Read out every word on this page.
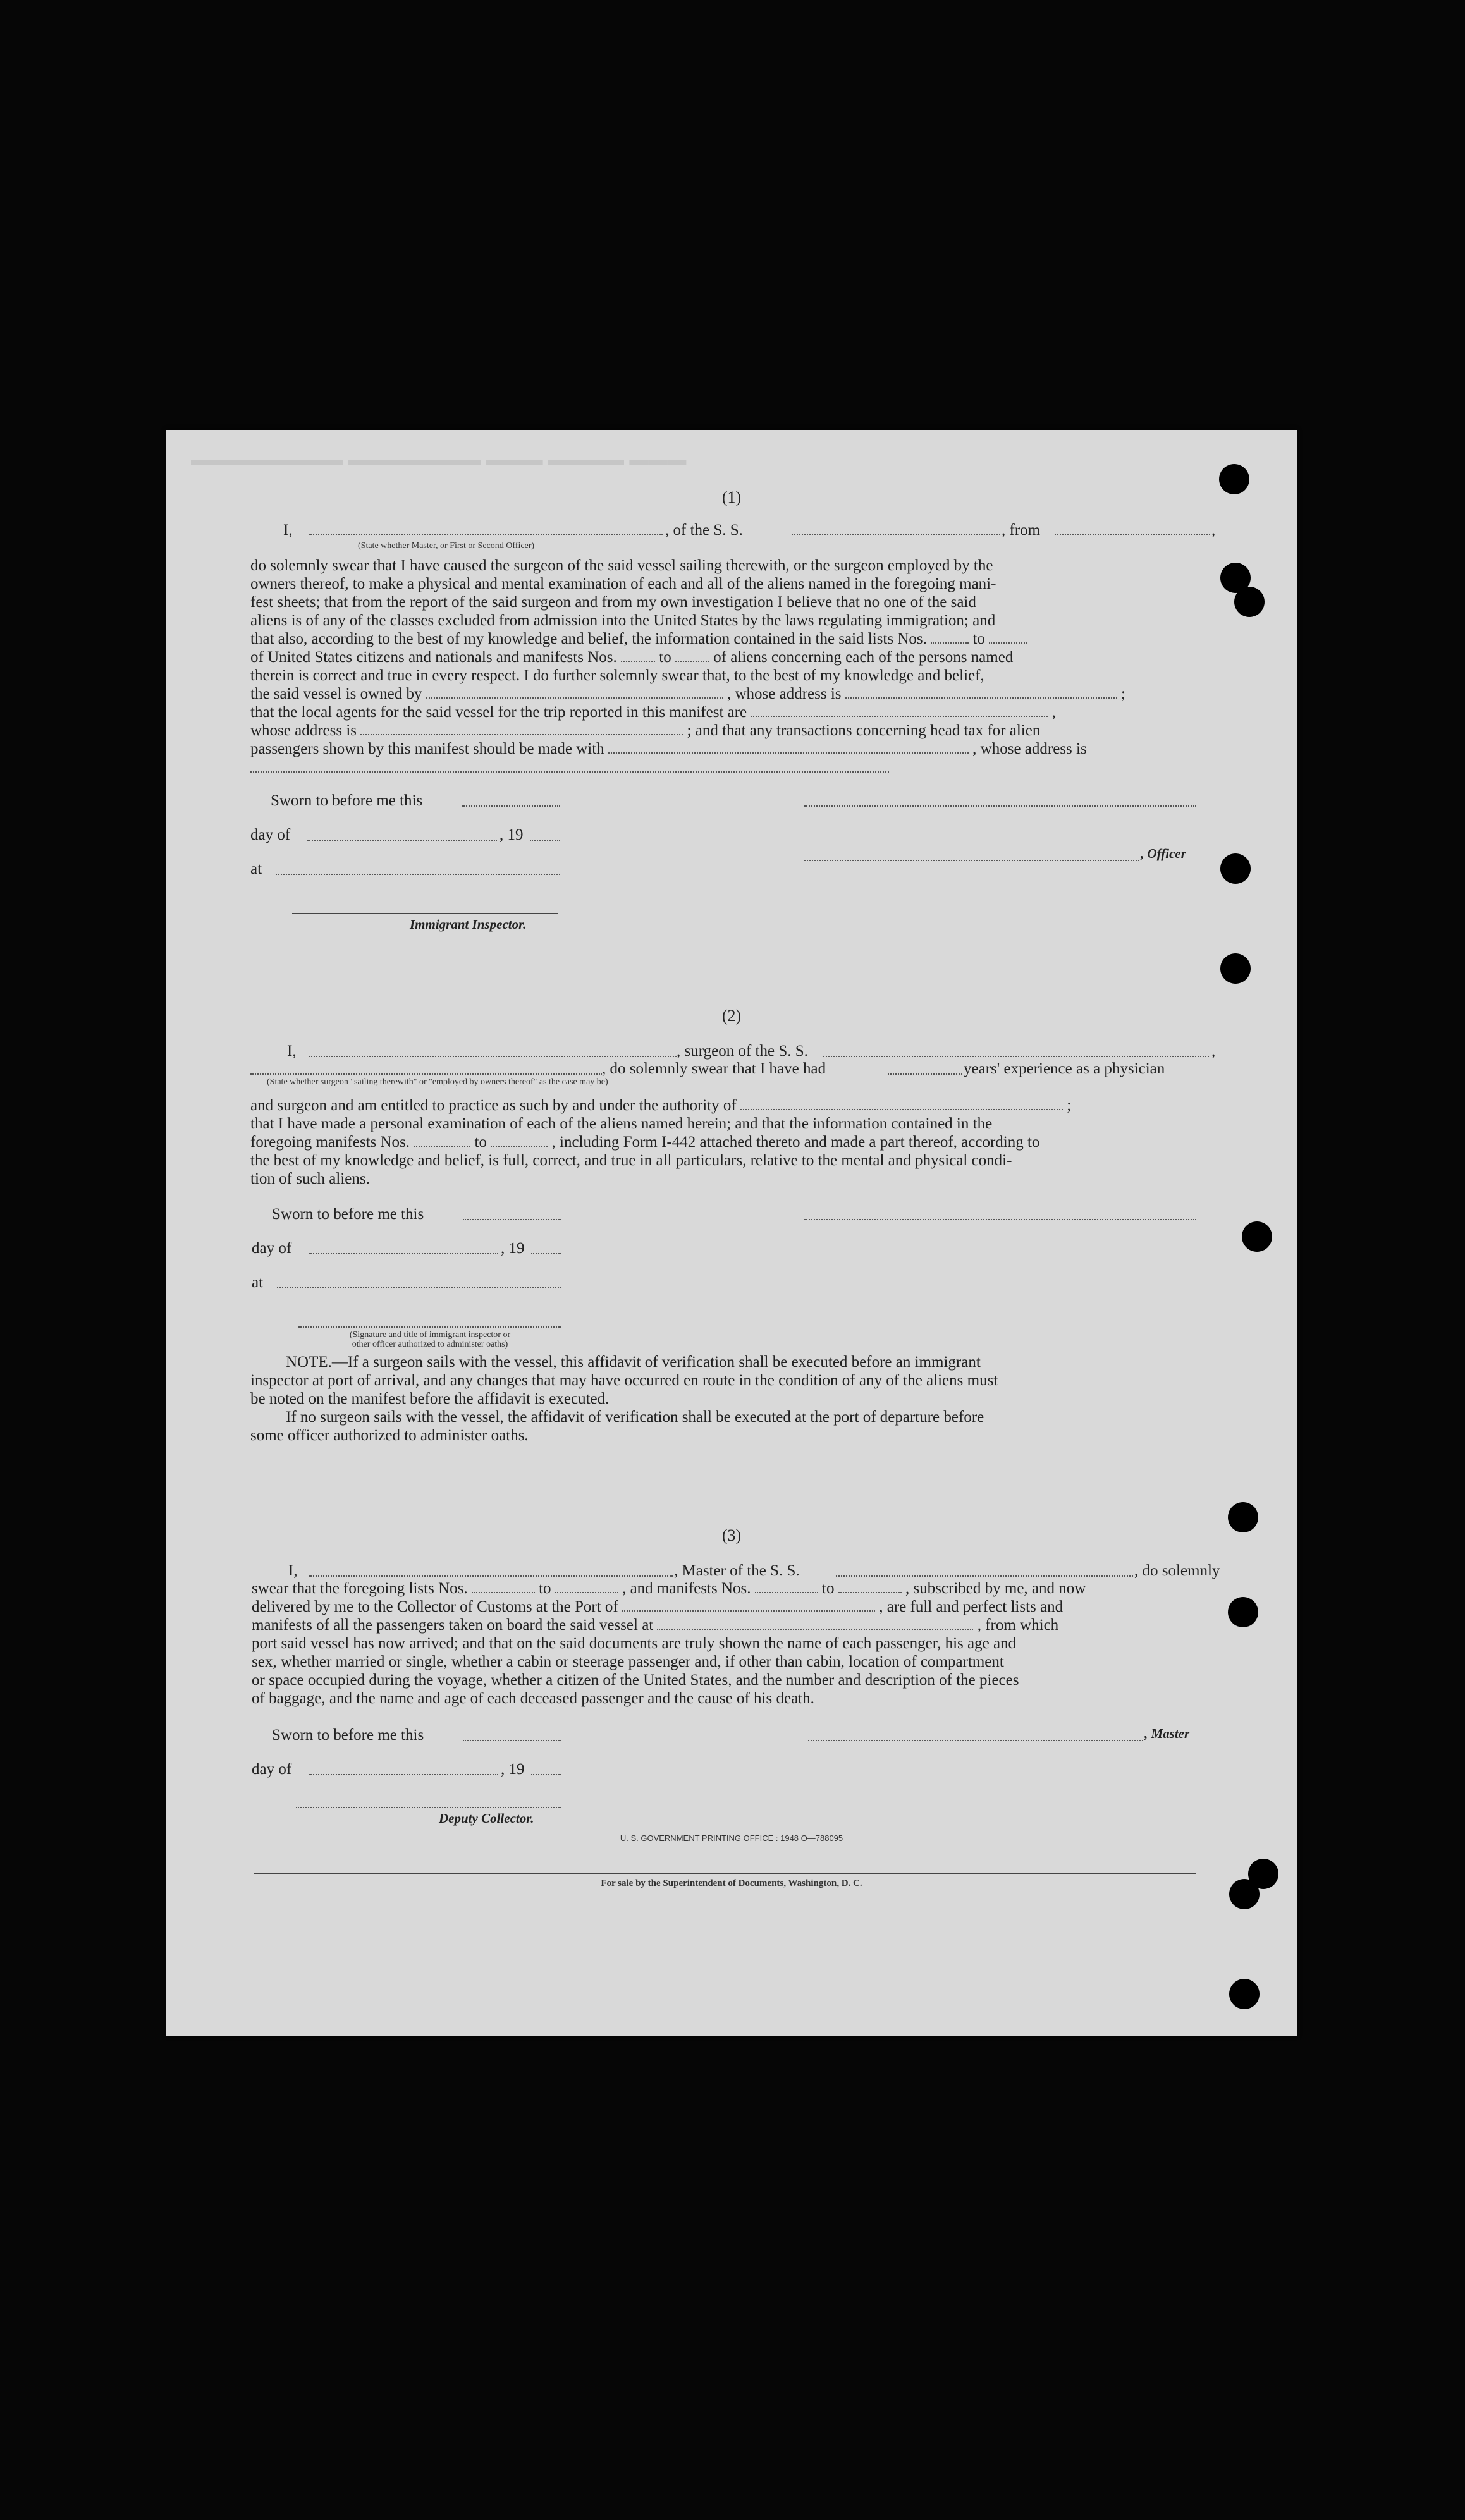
▬▬▬ ▬▬▬▬ ▬▬▬ ▬▬▬▬▬▬▬ ▬▬▬▬▬▬▬▬
(1)
I,	, of the S. S.	, from	,
(State whether Master, or First or Second Officer)
do solemnly swear that I have caused the surgeon of the said vessel sailing therewith, or the surgeon employed by the
owners thereof, to make a physical and mental examination of each and all of the aliens named in the foregoing mani-
fest sheets; that from the report of the said surgeon and from my own investigation I believe that no one of the said
aliens is of any of the classes excluded from admission into the United States by the laws regulating immigration; and
that also, according to the best of my knowledge and belief, the information contained in the said lists Nos.	to
of United States citizens and nationals and manifests Nos.	to	of aliens concerning each of the persons named
therein is correct and true in every respect. I do further solemnly swear that, to the best of my knowledge and belief,
the said vessel is owned by	, whose address is	;
that the local agents for the said vessel for the trip reported in this manifest are	,
whose address is	; and that any transactions concerning head tax for alien
passengers shown by this manifest should be made with	, whose address is
Sworn to before me this
day of	, 19
at
Immigrant Inspector.
, Officer
(2)
I,	, surgeon of the S. S.	,
, do solemnly swear that I have had	years' experience as a physician
(State whether surgeon "sailing therewith" or "employed by owners thereof" as the case may be)
and surgeon and am entitled to practice as such by and under the authority of	;
that I have made a personal examination of each of the aliens named herein; and that the information contained in the
foregoing manifests Nos.	to	, including Form I-442 attached thereto and made a part thereof, according to
the best of my knowledge and belief, is full, correct, and true in all particulars, relative to the mental and physical condi-
tion of such aliens.
Sworn to before me this
day of	, 19
at
(Signature and title of immigrant inspector or
other officer authorized to administer oaths)
NOTE.—If a surgeon sails with the vessel, this affidavit of verification shall be executed before an immigrant
inspector at port of arrival, and any changes that may have occurred en route in the condition of any of the aliens must
be noted on the manifest before the affidavit is executed.
If no surgeon sails with the vessel, the affidavit of verification shall be executed at the port of departure before
some officer authorized to administer oaths.
(3)
I,	, Master of the S. S.	, do solemnly
swear that the foregoing lists Nos.	to	, and manifests Nos.	to	, subscribed by me, and now
delivered by me to the Collector of Customs at the Port of	, are full and perfect lists and
manifests of all the passengers taken on board the said vessel at	, from which
port said vessel has now arrived; and that on the said documents are truly shown the name of each passenger, his age and
sex, whether married or single, whether a cabin or steerage passenger and, if other than cabin, location of compartment
or space occupied during the voyage, whether a citizen of the United States, and the number and description of the pieces
of baggage, and the name and age of each deceased passenger and the cause of his death.
Sworn to before me this	, Master
day of	, 19
Deputy Collector.
U. S. GOVERNMENT PRINTING OFFICE : 1948 O—788095
For sale by the Superintendent of Documents, Washington, D. C.
